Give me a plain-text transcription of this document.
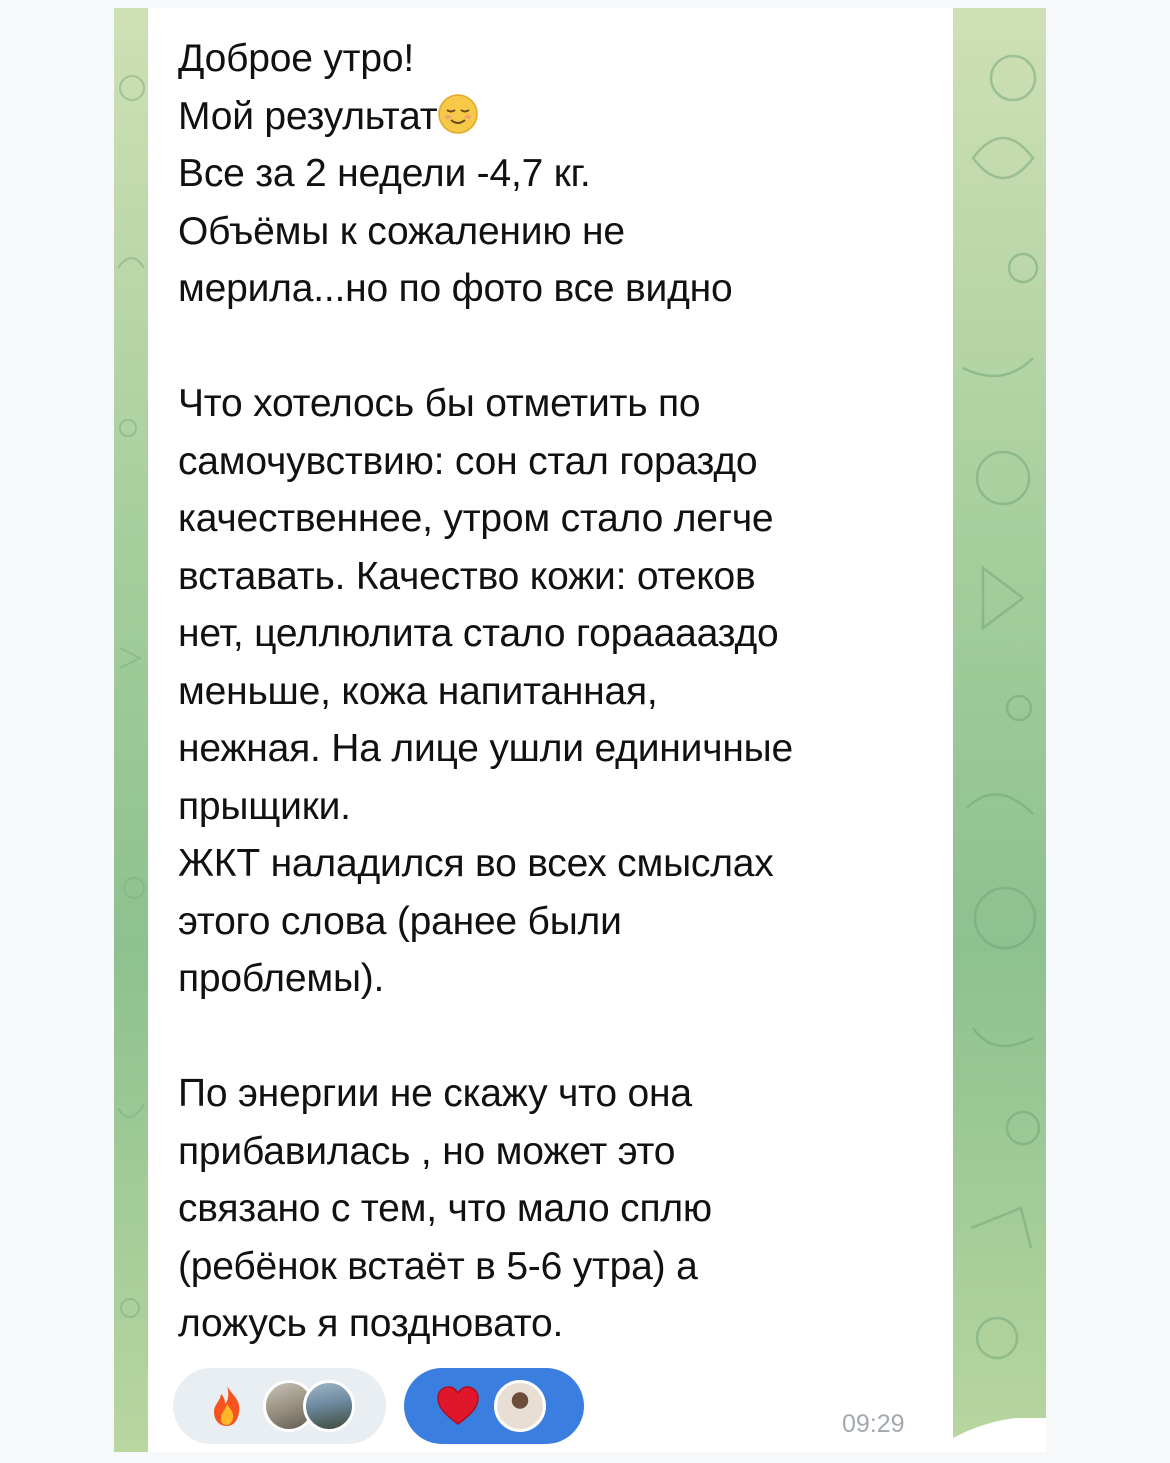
Доброе утро!
Мой результат
Все за 2 недели -4,7 кг.
Объёмы к сожалению не
мерила...но по фото все видно

Что хотелось бы отметить по
самочувствию: сон стал гораздо
качественнее, утром стало легче
вставать. Качество кожи: отеков
нет, целлюлита стало горааааздо
меньше, кожа напитанная,
нежная. На лице ушли единичные
прыщики.
ЖКТ наладился во всех смыслах
этого слова (ранее были
проблемы).

По энергии не скажу что она
прибавилась , но может это
связано с тем, что мало сплю
(ребёнок встаёт в 5-6 утра) а
ложусь я поздновато.
09:29
